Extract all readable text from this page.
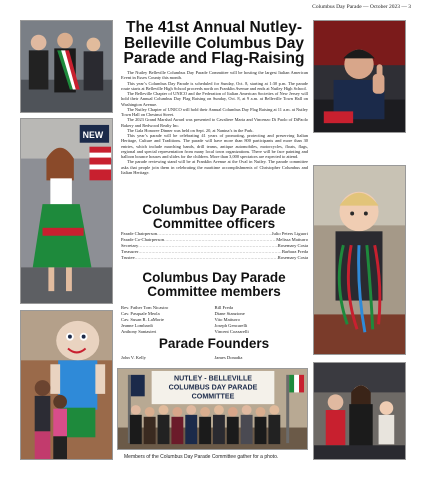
Columbus Day Parade — October 2023 — 3
NEW
NUTLEY - BELLEVILLE
COLUMBUS DAY PARADE
COMMITTEE
The 41st Annual Nutley-Belleville Columbus Day Parade and Flag-Raising

The Nutley Belleville Columbus Day Parade Committee will be hosting the largest Italian American Event in Essex County this month.

This year’s Columbus Day Parade is scheduled for Sunday, Oct. 8, starting at 1:30 p.m. The parade route starts at Belleville High School proceeds north on Franklin Avenue and ends at Nutley High School.

The Belleville Chapter of UNICO and the Federation of Italian American Societies of New Jersey will hold their Annual Columbus Day Flag Raising on Sunday, Oct. 8, at 9 a.m. at Belleville Town Hall on Washington Avenue.

The Nutley Chapter of UNICO will hold their Annual Columbus Day Flag Raising at 11 a.m. at Nutley Town Hall on Chestnut Street.

The 2023 Grand Marshal Award was presented to Cavaliere Maria and Vincenzo Di Paolo of DiPaolo Bakery and Redwood Realty Inc.

The Gala Honoree Dinner was held on Sept. 20, at Nanina’s in the Park.

This year’s parade will be celebrating 41 years of promoting, protecting and preserving Italian Heritage, Culture and Traditions. The parade will have more than 800 participants and more than 30 entries, which include marching bands, drill teams, antique automobiles, motorcycles, floats, flags, regional and special representation from many local town organizations. There will be face painting and balloon bounce houses and slides for the children. More than 3,000 spectators are expected to attend.

The parade reviewing stand will be at Franklin Avenue at the Oval in Nutley. The parade committee asks that people join them in celebrating the maritime accomplishments of Christopher Columbus and Italian Heritage.

Columbus Day Parade Committee officers
Parade Chairperson .....	Julio Peters Liguori
Parade Co-Chairperson .....	Melissa Matturro
Secretary .....	Rosemary Costa
Treasurer .....	Barbara Freda
Trustee .....	Rosemary Costa
Columbus Day Parade Committee members
Rev. Father Tom Nicastro
Cav. Pasquale Meola
Cav. Susan R. LaMorte
Jeanne Lombardi
Anthony Santasieri
Bill Freda
Diane Stanzione
Vito Matturro
Joseph Gencarelli
Vincent Cozzarelli
Parade Founders
John V. Kelly	James Donadia
Members of the Columbus Day Parade Committee gather for a photo.
